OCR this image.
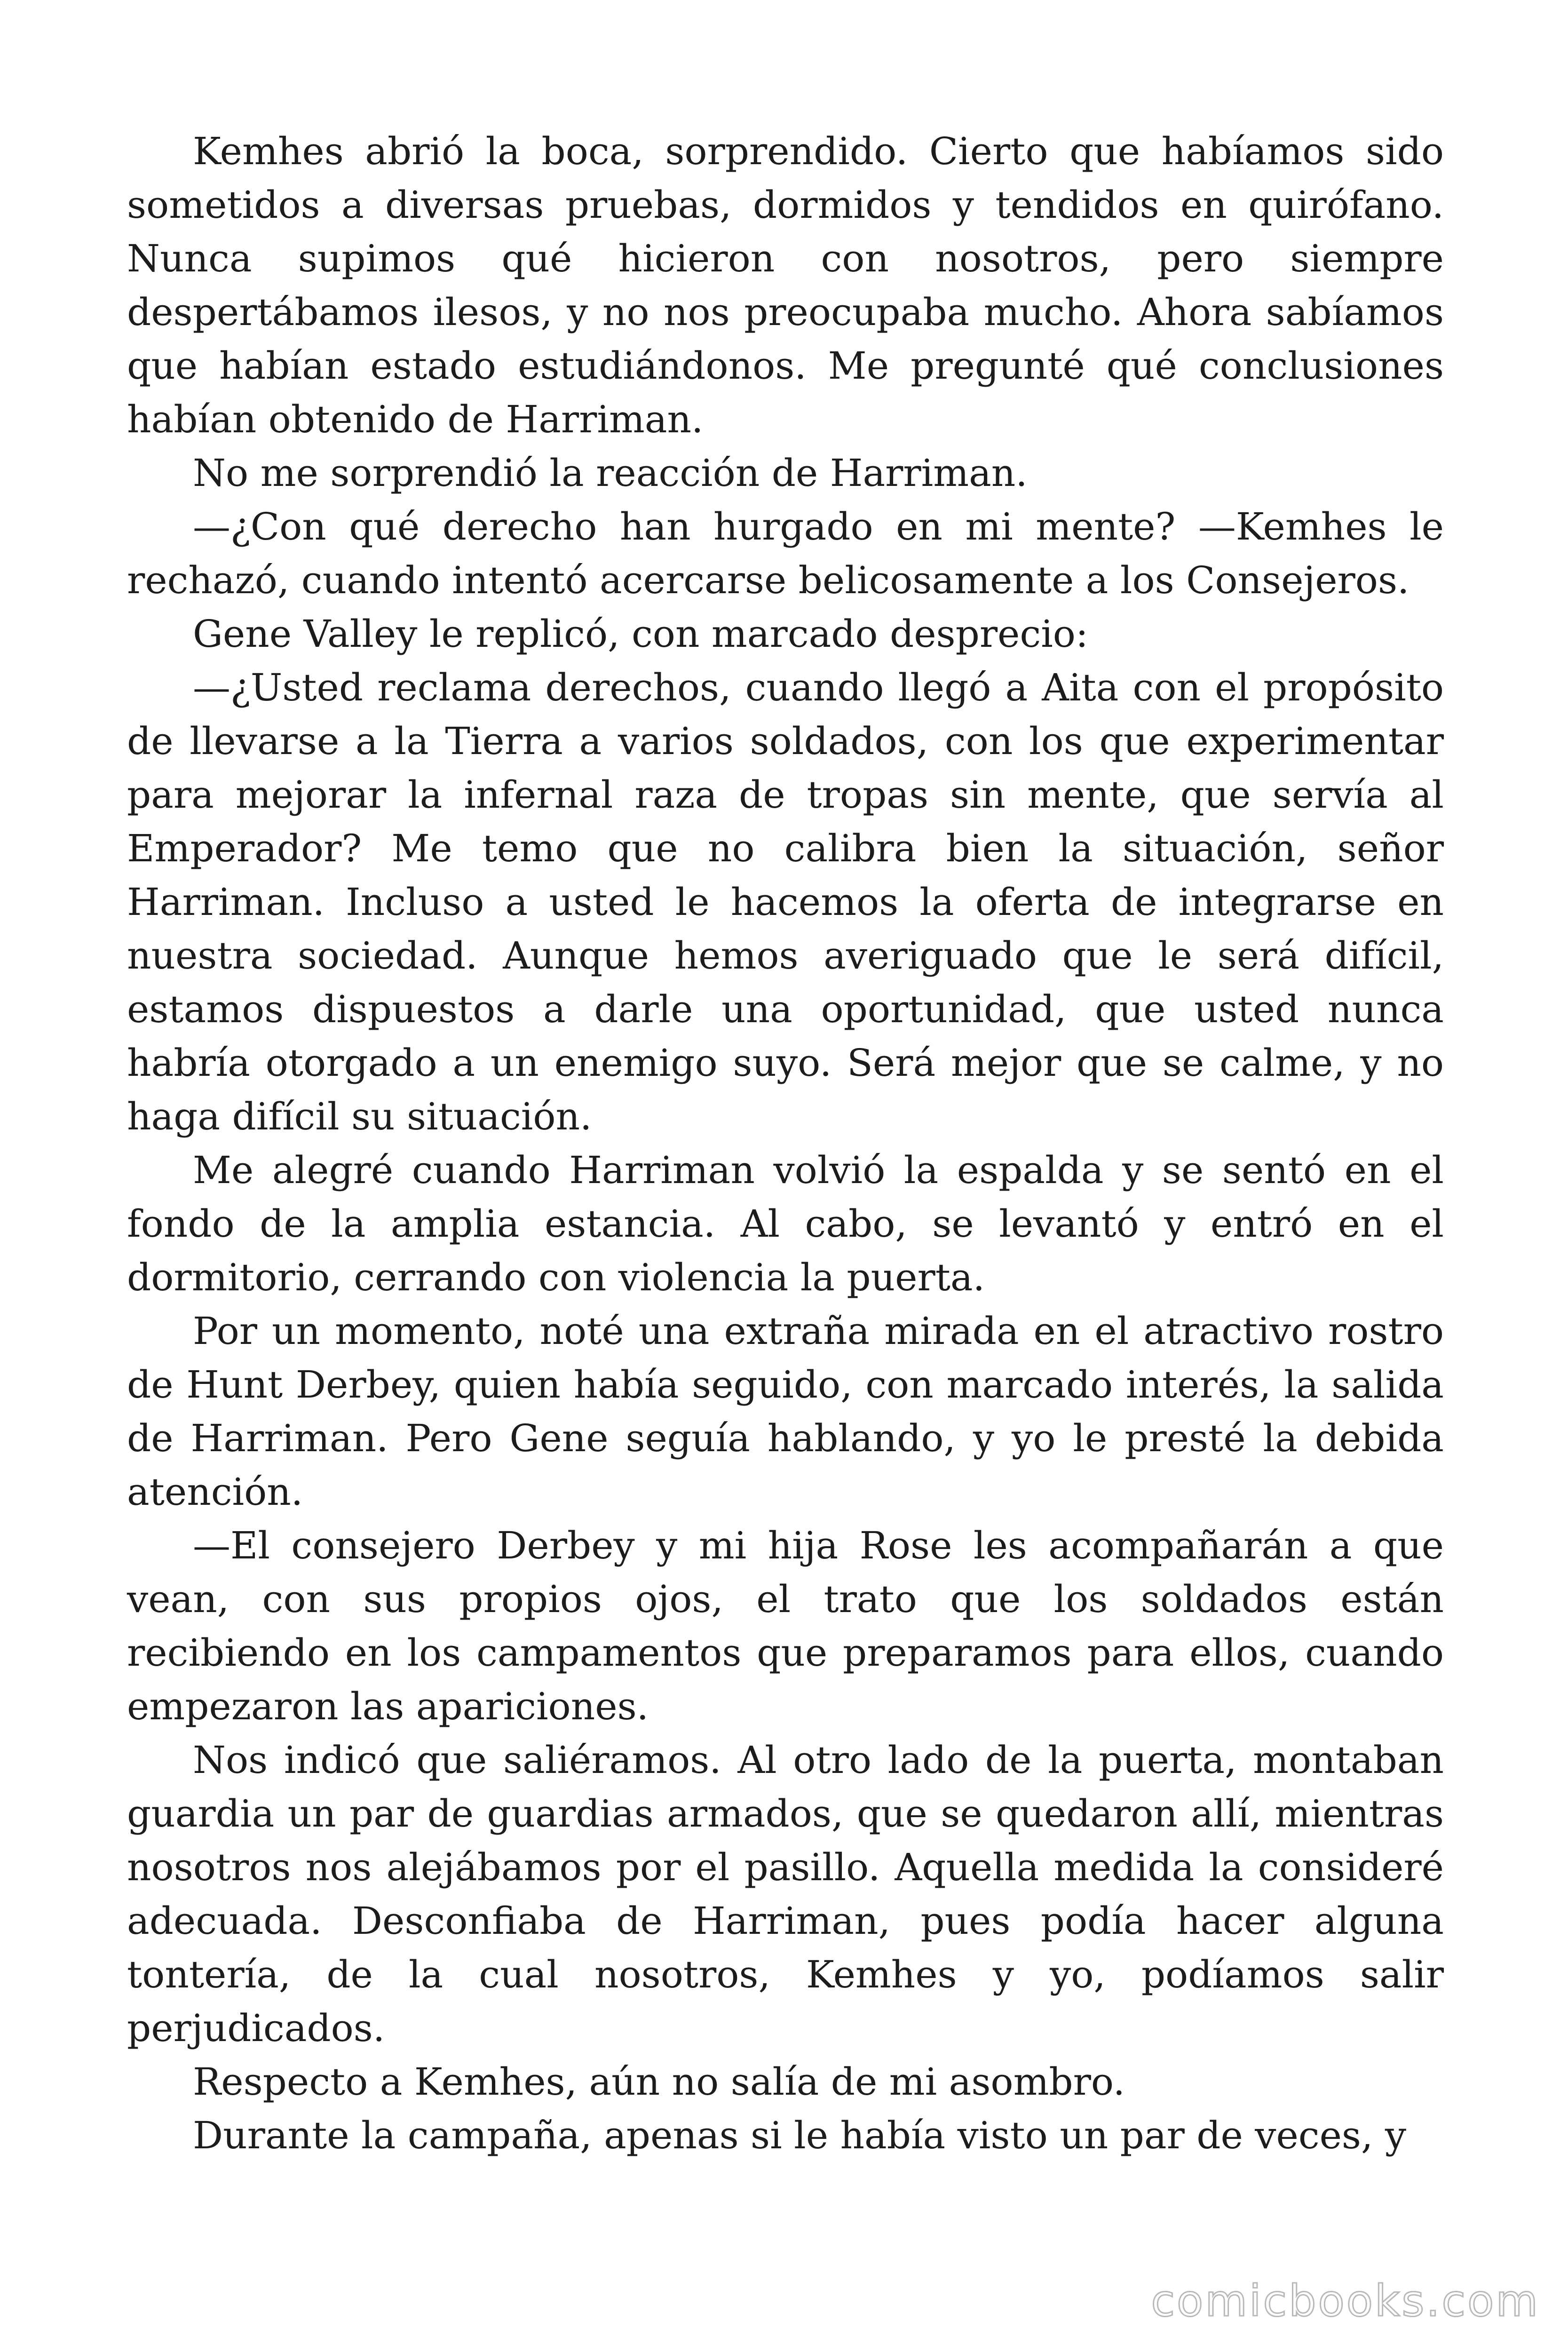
Kemhes abrió la boca, sorprendido. Cierto que habíamos sido sometidos a diversas pruebas, dormidos y tendidos en quirófano. Nunca supimos qué hicieron con nosotros, pero siempre despertábamos ilesos, y no nos preocupaba mucho. Ahora sabíamos que habían estado estudiándonos. Me pregunté qué conclusiones habían obtenido de Harriman.

No me sorprendió la reacción de Harriman.

—¿Con qué derecho han hurgado en mi mente? —Kemhes le rechazó, cuando intentó acercarse belicosamente a los Consejeros.

Gene Valley le replicó, con marcado desprecio:

—¿Usted reclama derechos, cuando llegó a Aita con el propósito de llevarse a la Tierra a varios soldados, con los que experimentar para mejorar la infernal raza de tropas sin mente, que servía al Emperador? Me temo que no calibra bien la situación, señor Harriman. Incluso a usted le hacemos la oferta de integrarse en nuestra sociedad. Aunque hemos averiguado que le será difícil, estamos dispuestos a darle una oportunidad, que usted nunca habría otorgado a un enemigo suyo. Será mejor que se calme, y no haga difícil su situación.

Me alegré cuando Harriman volvió la espalda y se sentó en el fondo de la amplia estancia. Al cabo, se levantó y entró en el dormitorio, cerrando con violencia la puerta.

Por un momento, noté una extraña mirada en el atractivo rostro de Hunt Derbey, quien había seguido, con marcado interés, la salida de Harriman. Pero Gene seguía hablando, y yo le presté la debida atención.

—El consejero Derbey y mi hija Rose les acompañarán a que vean, con sus propios ojos, el trato que los soldados están recibiendo en los campamentos que preparamos para ellos, cuando empezaron las apariciones.

Nos indicó que saliéramos. Al otro lado de la puerta, montaban guardia un par de guardias armados, que se quedaron allí, mientras nosotros nos alejábamos por el pasillo. Aquella medida la consideré adecuada. Desconfiaba de Harriman, pues podía hacer alguna tontería, de la cual nosotros, Kemhes y yo, podíamos salir perjudicados.

Respecto a Kemhes, aún no salía de mi asombro.

Durante la campaña, apenas si le había visto un par de veces, y

comicbooks.com
